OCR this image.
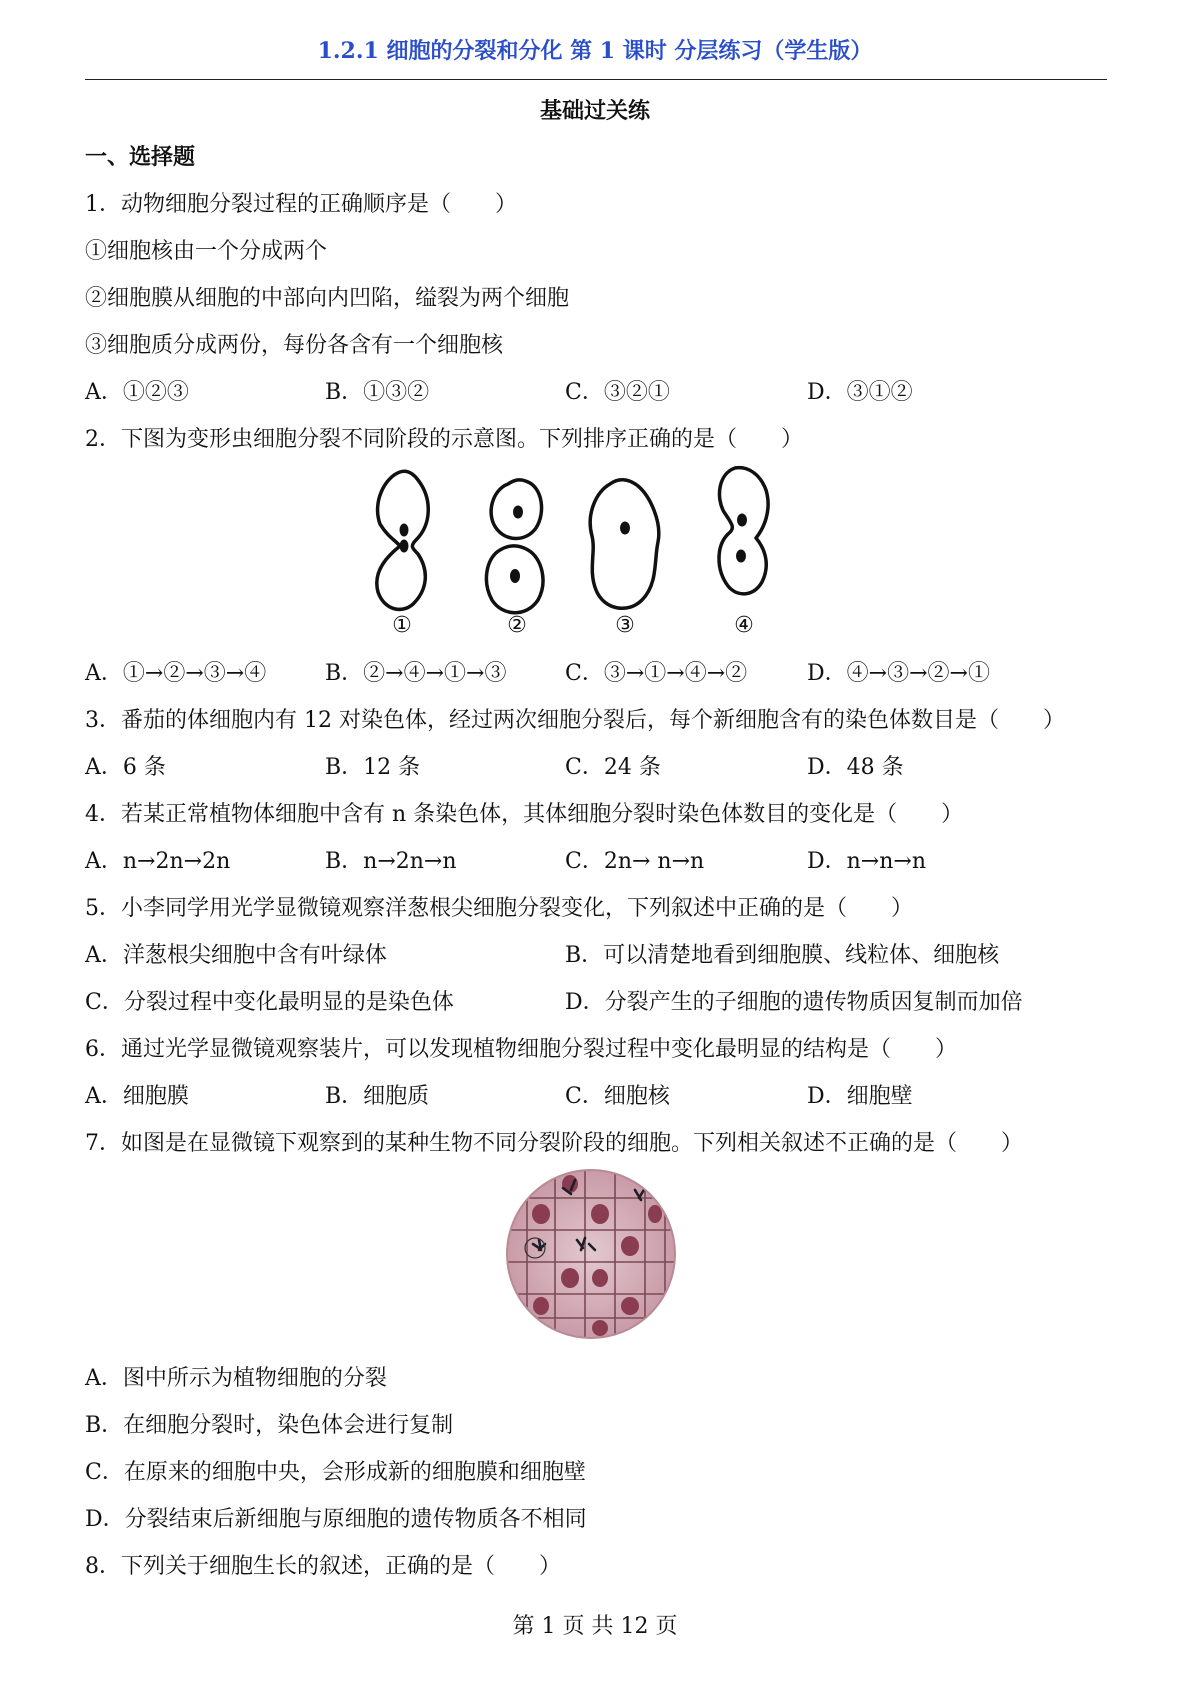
1.2.1 细胞的分裂和分化 第 1 课时 分层练习（学生版）
基础过关练
一、选择题
1．动物细胞分裂过程的正确顺序是（　　）
①细胞核由一个分成两个
②细胞膜从细胞的中部向内凹陷，缢裂为两个细胞
③细胞质分成两份，每份各含有一个细胞核
A．①②③	B．①③②	C．③②①	D．③①②
2．下图为变形虫细胞分裂不同阶段的示意图。下列排序正确的是（　　）
①	②	③	④
A．①→②→③→④	B．②→④→①→③	C．③→①→④→②	D．④→③→②→①
3．番茄的体细胞内有 12 对染色体，经过两次细胞分裂后，每个新细胞含有的染色体数目是（　　）
A．6 条	B．12 条	C．24 条	D．48 条
4．若某正常植物体细胞中含有 n 条染色体，其体细胞分裂时染色体数目的变化是（　　）
A．n→2n→2n	B．n→2n→n	C．2n→ n→n	D．n→n→n
5．小李同学用光学显微镜观察洋葱根尖细胞分裂变化，下列叙述中正确的是（　　）
A．洋葱根尖细胞中含有叶绿体	B．可以清楚地看到细胞膜、线粒体、细胞核
C．分裂过程中变化最明显的是染色体	D．分裂产生的子细胞的遗传物质因复制而加倍
6．通过光学显微镜观察装片，可以发现植物细胞分裂过程中变化最明显的结构是（　　）
A．细胞膜	B．细胞质	C．细胞核	D．细胞壁
7．如图是在显微镜下观察到的某种生物不同分裂阶段的细胞。下列相关叙述不正确的是（　　）
A．图中所示为植物细胞的分裂
B．在细胞分裂时，染色体会进行复制
C．在原来的细胞中央，会形成新的细胞膜和细胞壁
D．分裂结束后新细胞与原细胞的遗传物质各不相同
8．下列关于细胞生长的叙述，正确的是（　　）
第 1 页 共 12 页
